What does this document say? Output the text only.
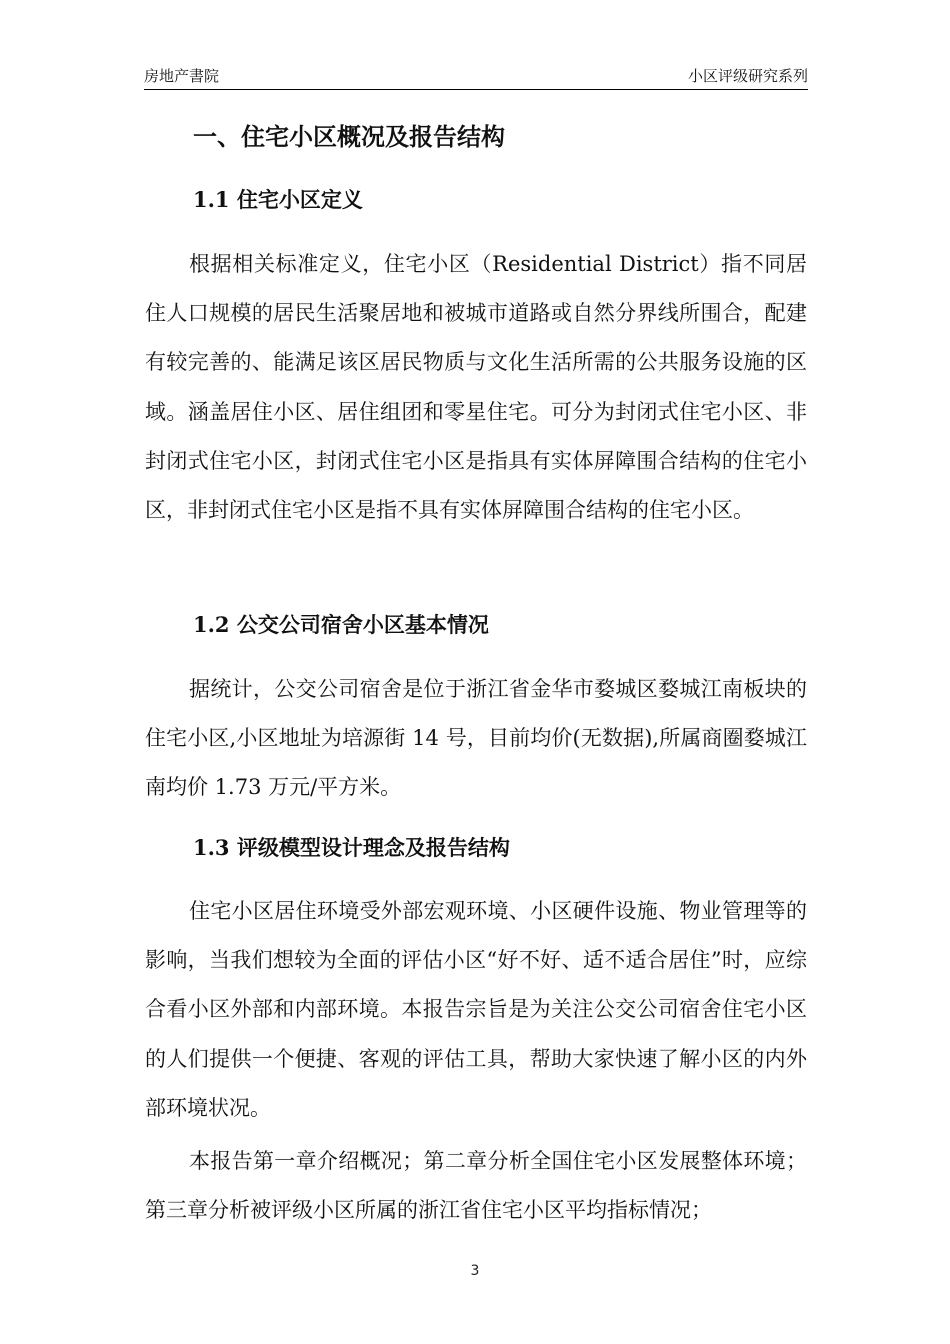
房地产書院	小区评级研究系列
一、住宅小区概况及报告结构
1.1 住宅小区定义

根据相关标准定义，住宅小区（Residential District）指不同居住人口规模的居民生活聚居地和被城市道路或自然分界线所围合，配建有较完善的、能满足该区居民物质与文化生活所需的公共服务设施的区域。涵盖居住小区、居住组团和零星住宅。可分为封闭式住宅小区、非封闭式住宅小区，封闭式住宅小区是指具有实体屏障围合结构的住宅小区，非封闭式住宅小区是指不具有实体屏障围合结构的住宅小区。

1.2 公交公司宿舍小区基本情况

据统计，公交公司宿舍是位于浙江省金华市婺城区婺城江南板块的住宅小区,小区地址为培源街 14 号，目前均价(无数据),所属商圈婺城江南均价 1.73 万元/平方米。

1.3 评级模型设计理念及报告结构

住宅小区居住环境受外部宏观环境、小区硬件设施、物业管理等的影响，当我们想较为全面的评估小区“好不好、适不适合居住”时，应综合看小区外部和内部环境。本报告宗旨是为关注公交公司宿舍住宅小区的人们提供一个便捷、客观的评估工具，帮助大家快速了解小区的内外部环境状况。

本报告第一章介绍概况；第二章分析全国住宅小区发展整体环境；第三章分析被评级小区所属的浙江省住宅小区平均指标情况；

3
